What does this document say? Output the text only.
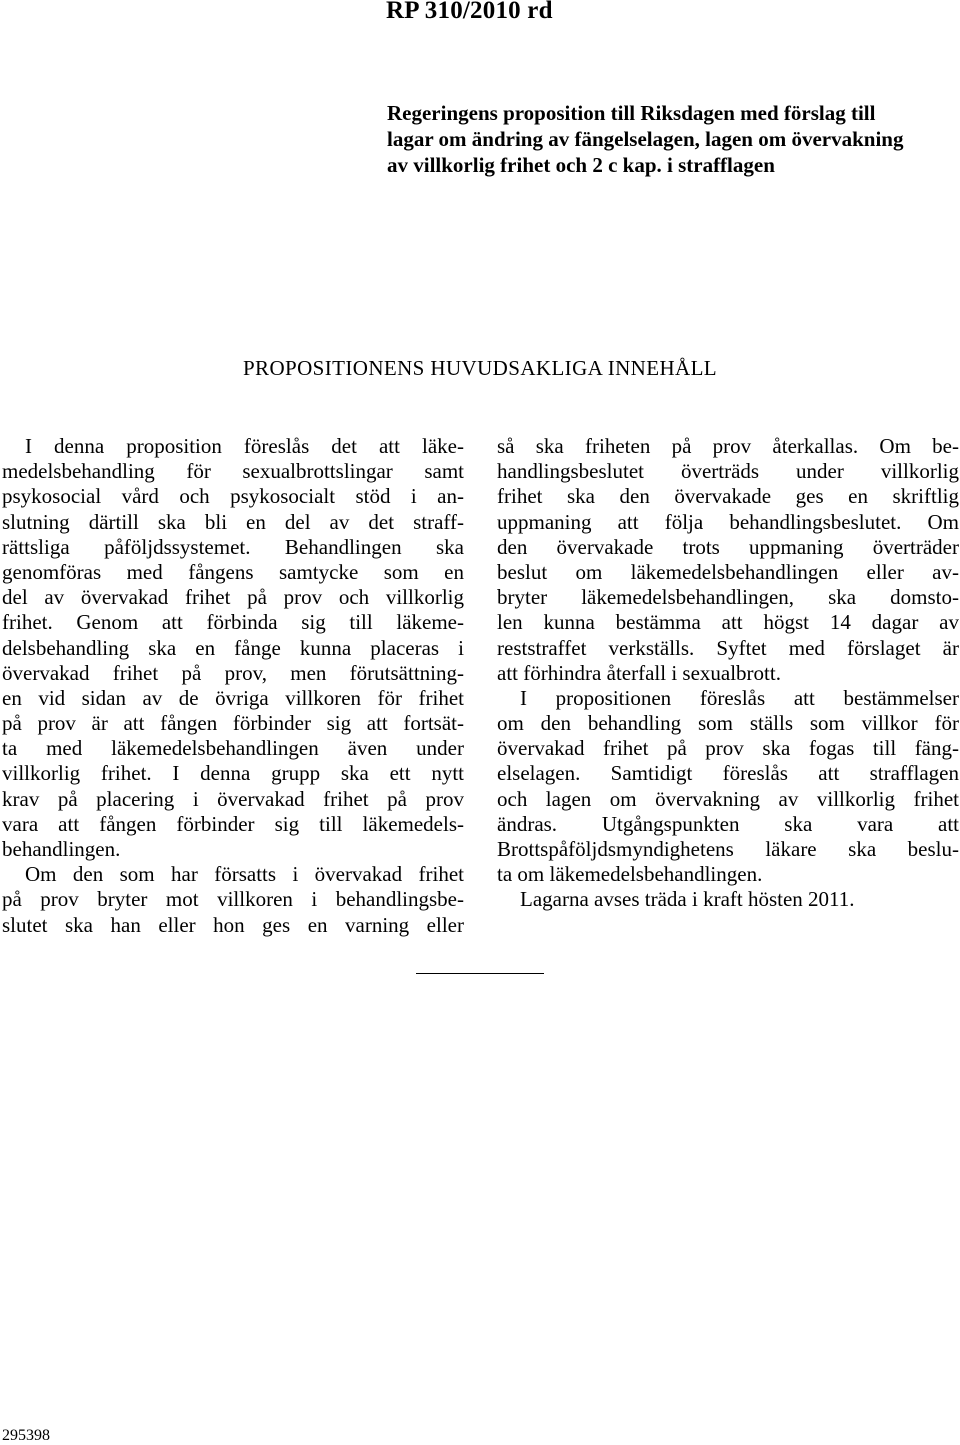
RP 310/2010 rd
Regeringens proposition till Riksdagen med förslag till
lagar om ändring av fängelselagen, lagen om övervakning
av villkorlig frihet och 2 c kap. i strafflagen
PROPOSITIONENS HUVUDSAKLIGA INNEHÅLL
I denna proposition föreslås det att läke-
medelsbehandling för sexualbrottslingar samt
psykosocial vård och psykosocialt stöd i an-
slutning därtill ska bli en del av det straff-
rättsliga påföljdssystemet. Behandlingen ska
genomföras med fångens samtycke som en
del av övervakad frihet på prov och villkorlig
frihet. Genom att förbinda sig till läkeme-
delsbehandling ska en fånge kunna placeras i
övervakad frihet på prov, men förutsättning-
en vid sidan av de övriga villkoren för frihet
på prov är att fången förbinder sig att fortsät-
ta med läkemedelsbehandlingen även under
villkorlig frihet. I denna grupp ska ett nytt
krav på placering i övervakad frihet på prov
vara att fången förbinder sig till läkemedels-
behandlingen.
Om den som har försatts i övervakad frihet
på prov bryter mot villkoren i behandlingsbe-
slutet ska han eller hon ges en varning eller
så ska friheten på prov återkallas. Om be-
handlingsbeslutet överträds under villkorlig
frihet ska den övervakade ges en skriftlig
uppmaning att följa behandlingsbeslutet. Om
den övervakade trots uppmaning överträder
beslut om läkemedelsbehandlingen eller av-
bryter läkemedelsbehandlingen, ska domsto-
len kunna bestämma att högst 14 dagar av
reststraffet verkställs. Syftet med förslaget är
att förhindra återfall i sexualbrott.
I propositionen föreslås att bestämmelser
om den behandling som ställs som villkor för
övervakad frihet på prov ska fogas till fäng-
elselagen. Samtidigt föreslås att strafflagen
och lagen om övervakning av villkorlig frihet
ändras. Utgångspunkten ska vara att
Brottspåföljdsmyndighetens läkare ska beslu-
ta om läkemedelsbehandlingen.
Lagarna avses träda i kraft hösten 2011.
295398
